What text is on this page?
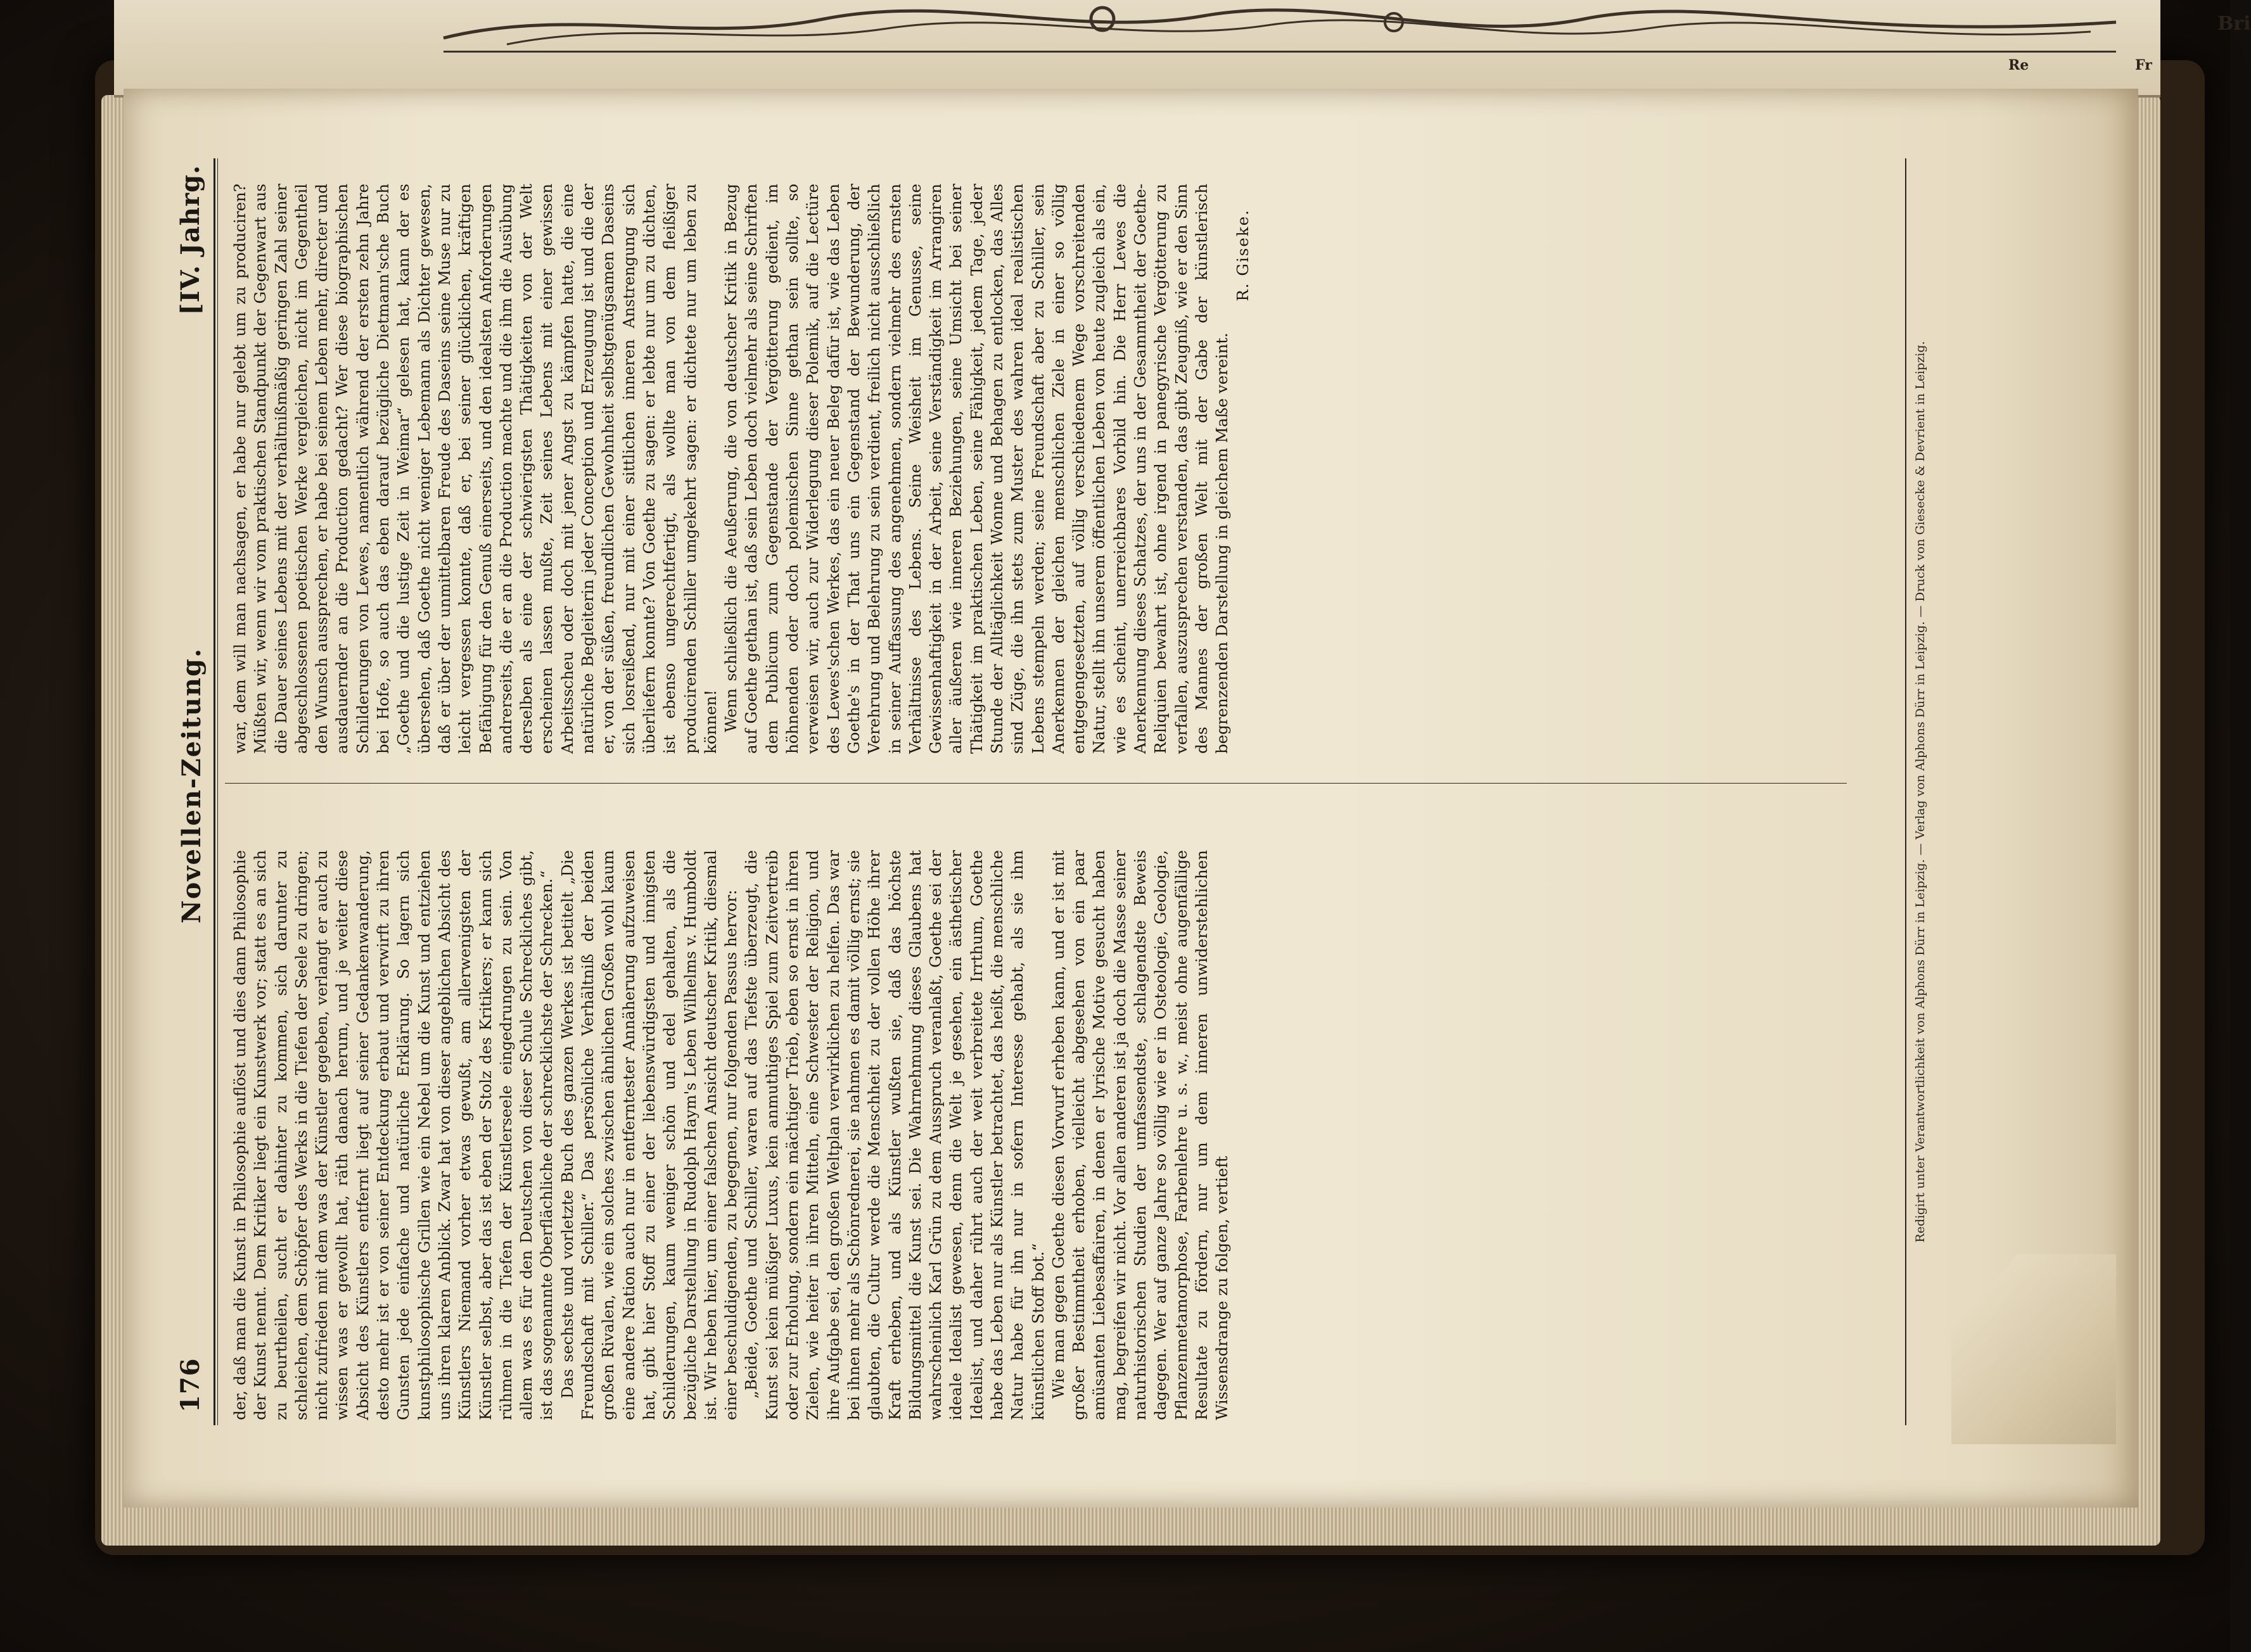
Bri
Re	Fr
176
Novellen-Zeitung.
[IV. Jahrg.

der, daß man die Kunst in Philosophie auflöst und dies dann Philosophie der Kunst nennt. Dem Kritiker liegt ein Kunstwerk vor; statt es an sich zu beurtheilen, sucht er dahinter zu kommen, sich darunter zu schleichen, dem Schöpfer des Werks in die Tiefen der Seele zu dringen; nicht zufrieden mit dem was der Künstler gegeben, verlangt er auch zu wissen was er gewollt hat, räth danach herum, und je weiter diese Absicht des Künstlers entfernt liegt auf seiner Gedankenwanderung, desto mehr ist er von seiner Entdeckung erbaut und verwirft zu ihren Gunsten jede einfache und natürliche Erklärung. So lagern sich kunstphilosophische Grillen wie ein Nebel um die Kunst und entziehen uns ihren klaren Anblick. Zwar hat von dieser angeblichen Absicht des Künstlers Niemand vorher etwas gewußt, am allerwenigsten der Künstler selbst, aber das ist eben der Stolz des Kritikers; er kann sich rühmen in die Tiefen der Künstlerseele eingedrungen zu sein. Von allem was es für den Deutschen von dieser Schule Schreckliches gibt, ist das sogenannte Oberflächliche der schrecklichste der Schrecken.“ Das sechste und vorletzte Buch des ganzen Werkes ist betitelt „Die Freundschaft mit Schiller.“ Das persönliche Verhältniß der beiden großen Rivalen, wie ein solches zwischen ähnlichen Großen wohl kaum eine andere Nation auch nur in entferntester Annäherung aufzuweisen hat, gibt hier Stoff zu einer der liebenswürdigsten und innigsten Schilderungen, kaum weniger schön und edel gehalten, als die bezügliche Darstellung in Rudolph Haym's Leben Wilhelms v. Humboldt ist. Wir heben hier, um einer falschen Ansicht deutscher Kritik, diesmal einer beschuldigenden, zu begegnen, nur folgenden Passus hervor: „Beide, Goethe und Schiller, waren auf das Tiefste überzeugt, die Kunst sei kein müßiger Luxus, kein anmuthiges Spiel zum Zeitvertreib oder zur Erholung, sondern ein mächtiger Trieb, eben so ernst in ihren Zielen, wie heiter in ihren Mitteln, eine Schwester der Religion, und ihre Aufgabe sei, den großen Weltplan verwirklichen zu helfen. Das war bei ihnen mehr als Schönrednerei, sie nahmen es damit völlig ernst; sie glaubten, die Cultur werde die Menschheit zu der vollen Höhe ihrer Kraft erheben, und als Künstler wußten sie, daß das höchste Bildungsmittel die Kunst sei. Die Wahrnehmung dieses Glaubens hat wahrscheinlich Karl Grün zu dem Ausspruch veranlaßt, Goethe sei der ideale Idealist gewesen, denn die Welt je gesehen, ein ästhetischer Idealist, und daher rührt auch der weit verbreitete Irrthum, Goethe habe das Leben nur als Künstler betrachtet, das heißt, die menschliche Natur habe für ihn nur in sofern Interesse gehabt, als sie ihm künstlichen Stoff bot.“ Wie man gegen Goethe diesen Vorwurf erheben kann, und er ist mit großer Bestimmtheit erhoben, vielleicht abgesehen von ein paar amüsanten Liebesaffairen, in denen er lyrische Motive gesucht haben mag, begreifen wir nicht. Vor allen anderen ist ja doch die Masse seiner naturhistorischen Studien der umfassendste, schlagendste Beweis dagegen. Wer auf ganze Jahre so völlig wie er in Osteologie, Geologie, Pflanzenmetamorphose, Farbenlehre u. s. w., meist ohne augenfällige Resultate zu fördern, nur um dem inneren unwiderstehlichen Wissensdrange zu folgen, vertieft

war, dem will man nachsagen, er habe nur gelebt um zu produciren? Müßten wir, wenn wir vom praktischen Standpunkt der Gegenwart aus die Dauer seines Lebens mit der verhältnißmäßig geringen Zahl seiner abgeschlossenen poetischen Werke vergleichen, nicht im Gegentheil den Wunsch aussprechen, er habe bei seinem Leben mehr, directer und ausdauernder an die Production gedacht? Wer diese biographischen Schilderungen von Lewes, namentlich während der ersten zehn Jahre bei Hofe, so auch das eben darauf bezügliche Dietmann'sche Buch „Goethe und die lustige Zeit in Weimar“ gelesen hat, kann der es übersehen, daß Goethe nicht weniger Lebemann als Dichter gewesen, daß er über der unmittelbaren Freude des Daseins seine Muse nur zu leicht vergessen konnte, daß er, bei seiner glücklichen, kräftigen Befähigung für den Genuß einerseits, und den idealsten Anforderungen andrerseits, die er an die Production machte und die ihm die Ausübung derselben als eine der schwierigsten Thätigkeiten von der Welt erscheinen lassen mußte, Zeit seines Lebens mit einer gewissen Arbeitsscheu oder doch mit jener Angst zu kämpfen hatte, die eine natürliche Begleiterin jeder Conception und Erzeugung ist und die der er, von der süßen, freundlichen Gewohnheit selbstgenügsamen Daseins sich losreißend, nur mit einer sittlichen inneren Anstrengung sich überliefern konnte? Von Goethe zu sagen: er lebte nur um zu dichten, ist ebenso ungerechtfertigt, als wollte man von dem fleißiger producirenden Schiller umgekehrt sagen: er dichtete nur um leben zu können! Wenn schließlich die Aeußerung, die von deutscher Kritik in Bezug auf Goethe gethan ist, daß sein Leben doch vielmehr als seine Schriften dem Publicum zum Gegenstande der Vergötterung gedient, im höhnenden oder doch polemischen Sinne gethan sein sollte, so verweisen wir, auch zur Widerlegung dieser Polemik, auf die Lectüre des Lewes'schen Werkes, das ein neuer Beleg dafür ist, wie das Leben Goethe's in der That uns ein Gegenstand der Bewunderung, der Verehrung und Belehrung zu sein verdient, freilich nicht ausschließlich in seiner Auffassung des angenehmen, sondern vielmehr des ernsten Verhältnisse des Lebens. Seine Weisheit im Genusse, seine Gewissenhaftigkeit in der Arbeit, seine Verständigkeit im Arrangiren aller äußeren wie inneren Beziehungen, seine Umsicht bei seiner Thätigkeit im praktischen Leben, seine Fähigkeit, jedem Tage, jeder Stunde der Alltäglichkeit Wonne und Behagen zu entlocken, das Alles sind Züge, die ihn stets zum Muster des wahren ideal realistischen Lebens stempeln werden; seine Freundschaft aber zu Schiller, sein Anerkennen der gleichen menschlichen Ziele in einer so völlig entgegengesetzten, auf völlig verschiedenem Wege vorschreitenden Natur, stellt ihn unserem öffentlichen Leben von heute zugleich als ein, wie es scheint, unerreichbares Vorbild hin. Die Herr Lewes die Anerkennung dieses Schatzes, der uns in der Gesammtheit der Goethe-Reliquien bewahrt ist, ohne irgend in panegyrische Vergötterung zu verfallen, auszusprechen verstanden, das gibt Zeugniß, wie er den Sinn des Mannes der großen Welt mit der Gabe der künstlerisch begrenzenden Darstellung in gleichem Maße vereint.

R. Giseke.
Redigirt unter Verantwortlichkeit von Alphons Dürr in Leipzig. — Verlag von Alphons Dürr in Leipzig. — Druck von Giesecke & Devrient in Leipzig.
